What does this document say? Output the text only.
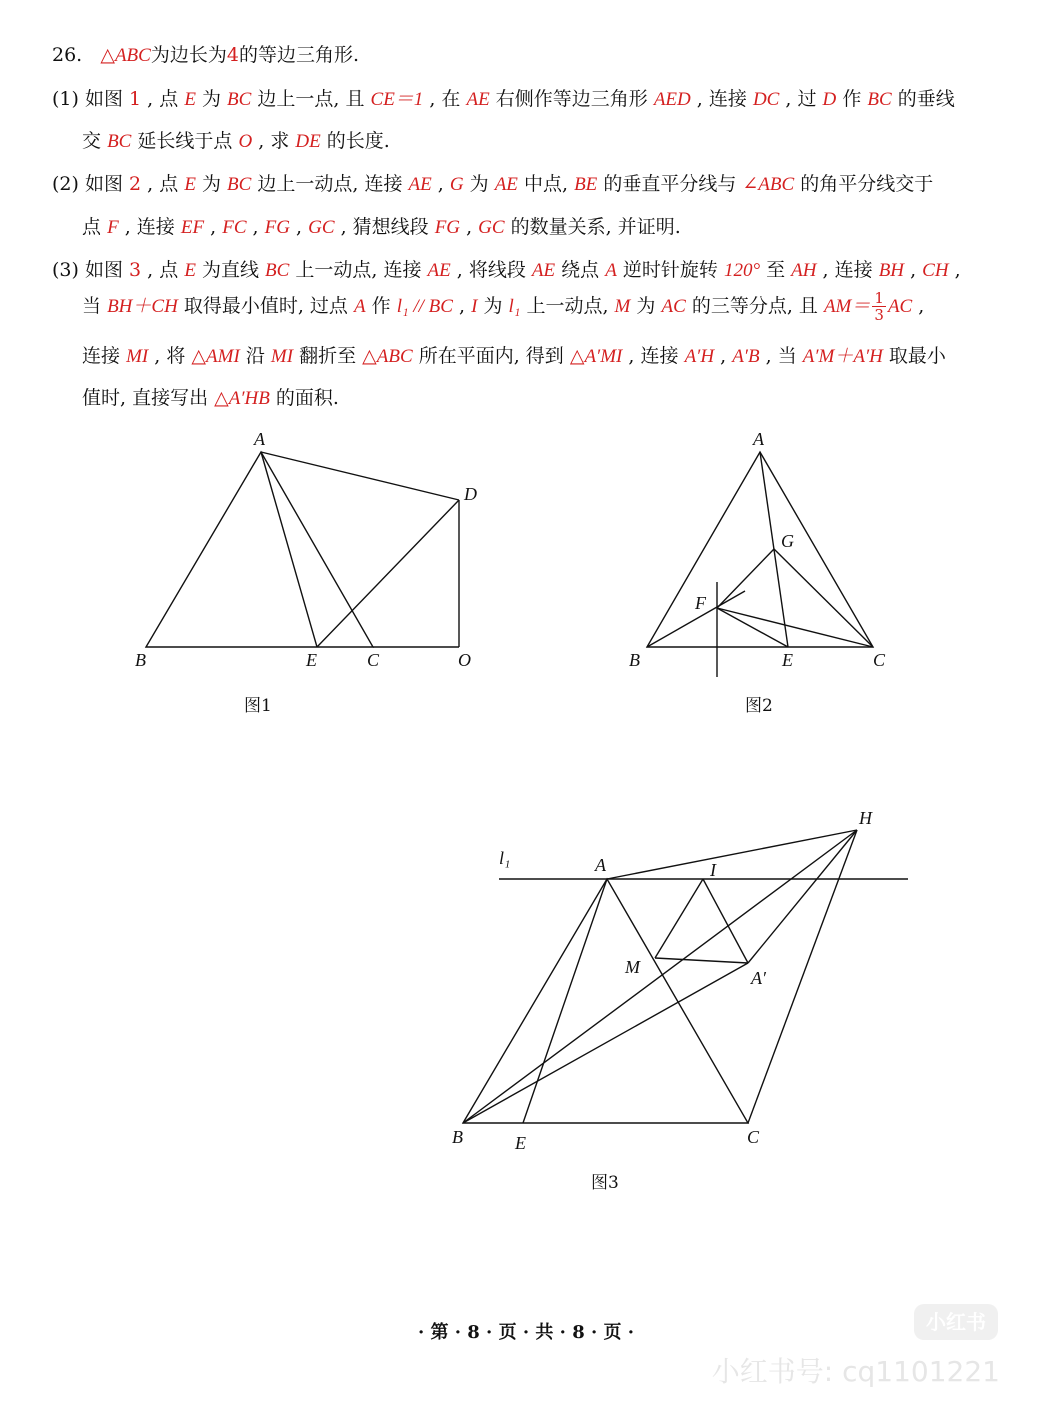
26. △ABC为边长为4的等边三角形.
(1) 如图 1 , 点 E 为 BC 边上一点, 且 CE＝1 , 在 AE 右侧作等边三角形 AED , 连接 DC , 过 D 作 BC 的垂线
交 BC 延长线于点 O , 求 DE 的长度.
(2) 如图 2 , 点 E 为 BC 边上一动点, 连接 AE , G 为 AE 中点, BE 的垂直平分线与 ∠ABC 的角平分线交于
点 F , 连接 EF , FC , FG , GC , 猜想线段 FG , GC 的数量关系, 并证明.
(3) 如图 3 , 点 E 为直线 BC 上一动点, 连接 AE , 将线段 AE 绕点 A 逆时针旋转 120° 至 AH , 连接 BH , CH ,
当 BH＋CH 取得最小值时, 过点 A 作 l₁ // BC , I 为 l₁ 上一动点, M 为 AC 的三等分点, 且 $AM= \frac{1}{3}$ AC ,
连接 MI , 将 △AMI 沿 MI 翻折至 △ABC 所在平面内, 得到 △A′MI , 连接 A′H , A′B , 当 A′M＋A′H 取最小
值时, 直接写出 △A′HB 的面积.
A
B	E	C	O
D
图1
A
B	E	C
F
G
图2
l₁	A	I
H
M
A′
B	E	C
图3
· 第 · 8 · 页 · 共 · 8 · 页 ·	小红书
小红书号: cq1101221
